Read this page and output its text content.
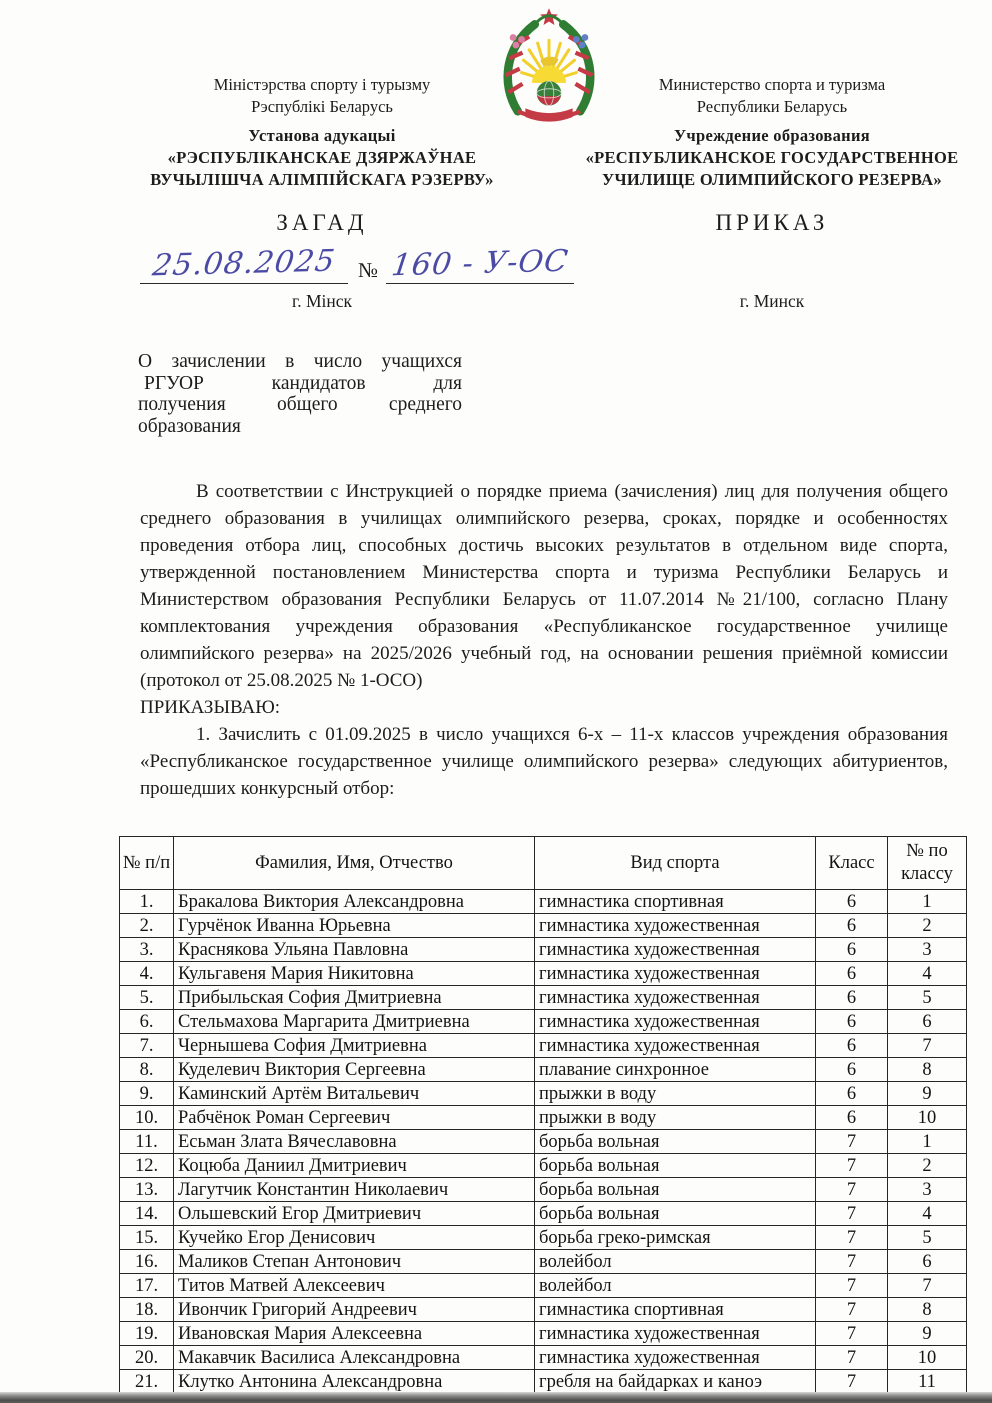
Міністэрства спорту і турызму
Рэспублікі Беларусь
Установа адукацыі
«РЭСПУБЛІКАНСКАЕ ДЗЯРЖАЎНАЕ
ВУЧЫЛІШЧА АЛІМПІЙСКАГА РЭЗЕРВУ»
Министерство спорта и туризма
Республики Беларусь
Учреждение образования
«РЕСПУБЛИКАНСКОЕ ГОСУДАРСТВЕННОЕ
УЧИЛИЩЕ ОЛИМПИЙСКОГО РЕЗЕРВА»
ЗАГАД	ПРИКАЗ
25.08.2025 № 160 - У-ОС
г. Мінск	г. Минск
О зачислении в число учащихся
РГУОР кандидатов для
получения общего среднего
образования

В соответствии с Инструкцией о порядке приема (зачисления) лиц для получения общего среднего образования в училищах олимпийского резерва, сроках, порядке и особенностях проведения отбора лиц, способных достичь высоких результатов в отдельном виде спорта, утвержденной постановлением Министерства спорта и туризма Республики Беларусь и Министерством образования Республики Беларусь от 11.07.2014 №21/100, согласно Плану комплектования учреждения образования «Республиканское государственное училище олимпийского резерва» на 2025/2026 учебный год, на основании решения приёмной комиссии (протокол от 25.08.2025 № 1-ОСО)

ПРИКАЗЫВАЮ:

1. Зачислить с 01.09.2025 в число учащихся 6-х – 11-х классов учреждения образования «Республиканское государственное училище олимпийского резерва» следующих абитуриентов, прошедших конкурсный отбор:

№ п/п	Фамилия, Имя, Отчество	Вид спорта	Класс	№ по классу
1.	Бракалова Виктория Александровна	гимнастика спортивная	6	1
2.	Гурчёнок Иванна Юрьевна	гимнастика художественная	6	2
3.	Краснякова Ульяна Павловна	гимнастика художественная	6	3
4.	Кульгавеня Мария Никитовна	гимнастика художественная	6	4
5.	Прибыльская София Дмитриевна	гимнастика художественная	6	5
6.	Стельмахова Маргарита Дмитриевна	гимнастика художественная	6	6
7.	Чернышева София Дмитриевна	гимнастика художественная	6	7
8.	Куделевич Виктория Сергеевна	плавание синхронное	6	8
9.	Каминский Артём Витальевич	прыжки в воду	6	9
10.	Рабчёнок Роман Сергеевич	прыжки в воду	6	10
11.	Есьман Злата Вячеславовна	борьба вольная	7	1
12.	Коцюба Даниил Дмитриевич	борьба вольная	7	2
13.	Лагутчик Константин Николаевич	борьба вольная	7	3
14.	Ольшевский Егор Дмитриевич	борьба вольная	7	4
15.	Кучейко Егор Денисович	борьба греко-римская	7	5
16.	Маликов Степан Антонович	волейбол	7	6
17.	Титов Матвей Алексеевич	волейбол	7	7
18.	Ивончик Григорий Андреевич	гимнастика спортивная	7	8
19.	Ивановская Мария Алексеевна	гимнастика художественная	7	9
20.	Макавчик Василиса Александровна	гимнастика художественная	7	10
21.	Клутко Антонина Александровна	гребля на байдарках и каноэ	7	11
